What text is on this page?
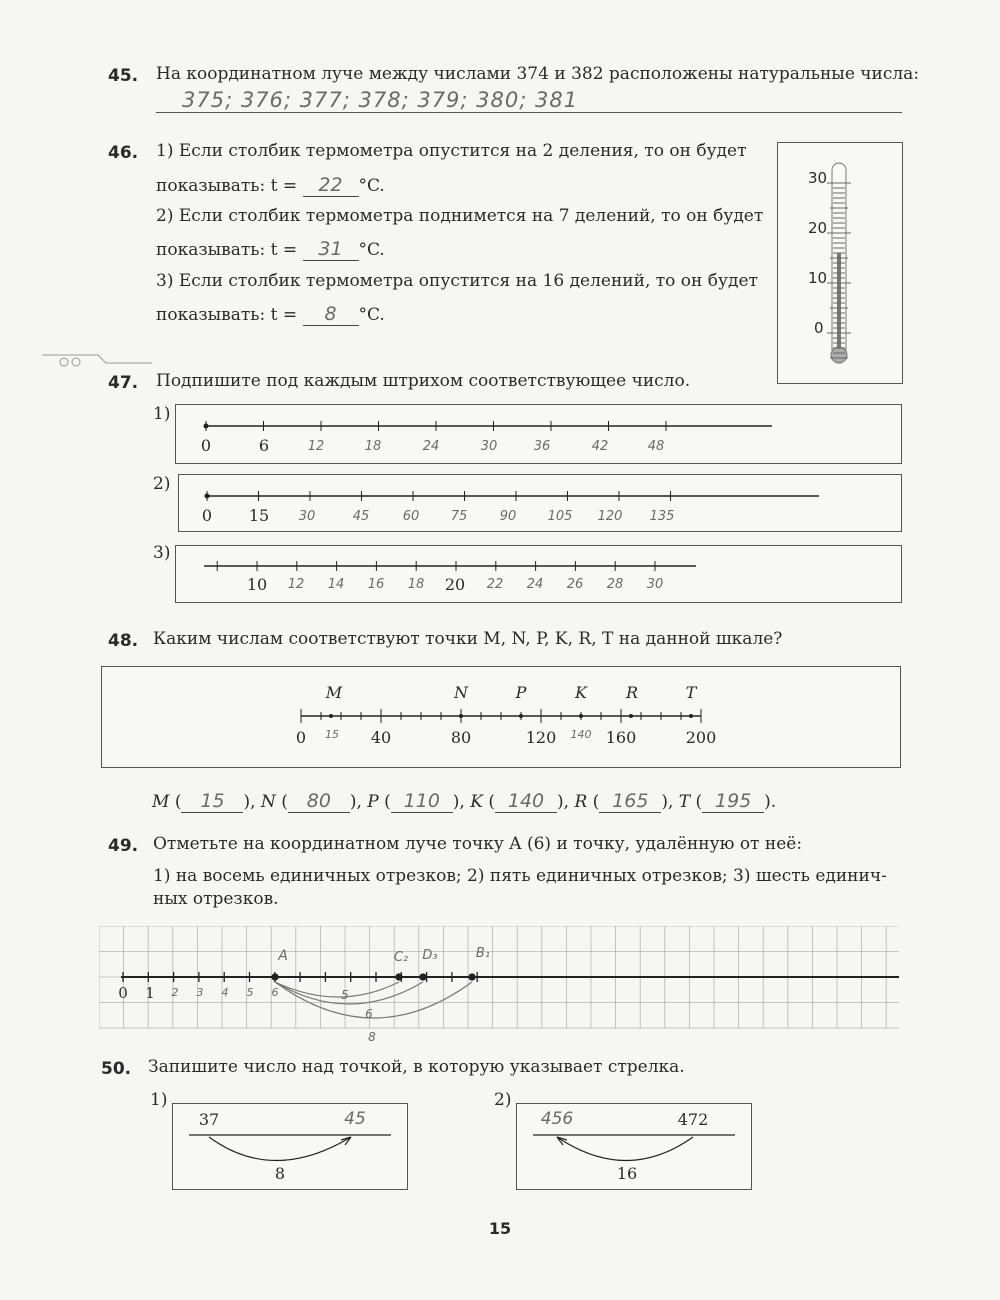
45. На координатном луче между числами 374 и 382 расположены натуральные числа:
375; 376; 377; 378; 379; 380; 381
46. 1) Если столбик термометра опустится на 2 деления, то он будет
показывать: t = 22 °C.
2) Если столбик термометра поднимется на 7 делений, то он будет
показывать: t = 31 °C.
3) Если столбик термометра опустится на 16 делений, то он будет
показывать: t = 8 °C.
30
20
10
0
47. Подпишите под каждым штрихом соответствующее число.
1)
0	6	12	18	24	30	36	42	48
2)
0 15 30	45	60 75 90 105 120 135
3)
10	20
12 14 16 18	22 24 26 28 30
48. Каким числам соответствуют точки M, N, P, K, R, T на данной шкале?
M	N	P	K R	T
0	40	80	120	160	200
15	140
M ( 15 ), N ( 80 ), P ( 110 ), K ( 140 ), R ( 165 ), T ( 195 ).
49. Отметьте на координатном луче точку A (6) и точку, удалённую от неё:
1) на восемь единичных отрезков; 2) пять единичных отрезков; 3) шесть единич-
ных отрезков.
0 1 2 3 4 5 6
A	C₂ D₃	B₁
5
6
8
50. Запишите число над точкой, в которую указывает стрелка.
1)
37	45
8
2)
456	472
16
15
